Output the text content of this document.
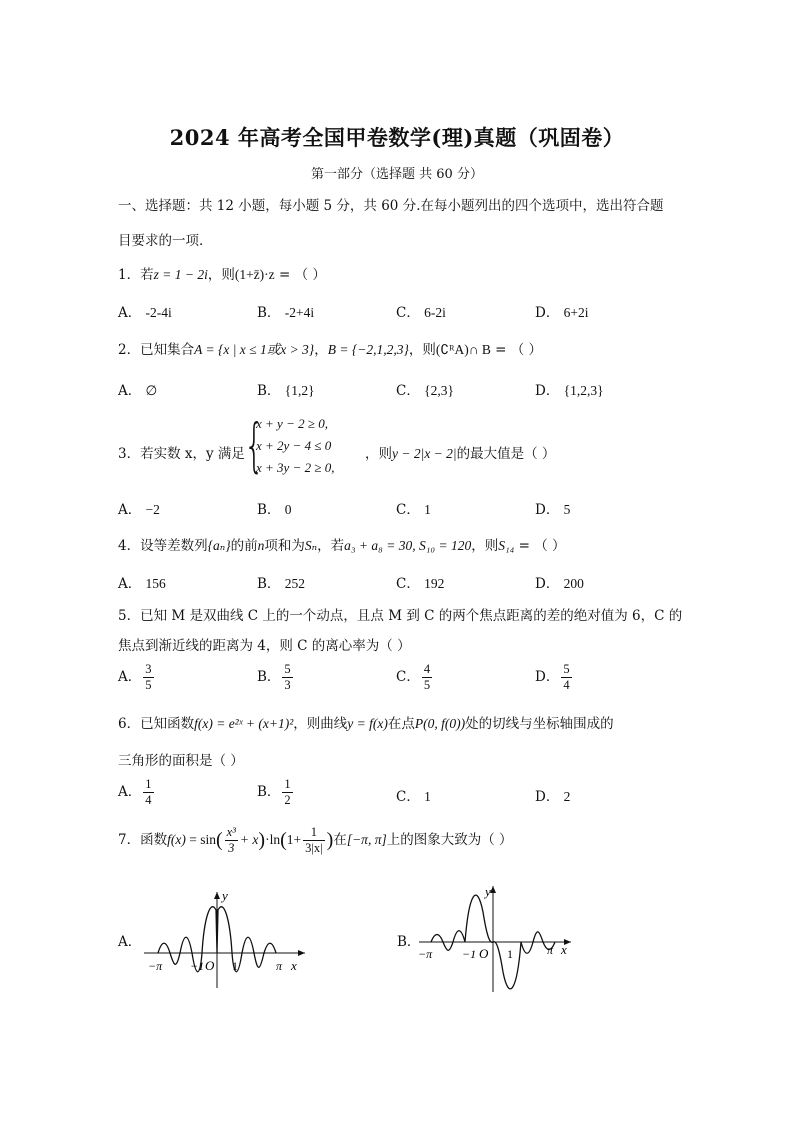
2024 年高考全国甲卷数学(理)真题（巩固卷）
第一部分（选择题 共 60 分）
一、选择题：共 12 小题，每小题 5 分，共 60 分.在每小题列出的四个选项中，选出符合题
目要求的一项．
1．若z = 1 − 2i，则(1+z̄)·z = （ ）
A． -2-4i	B． -2+4i	C． 6-2i	D． 6+2i
2．已知集合A = {x | x ≤ 1或x > 3}，B = {−2,1,2,3}，则(∁ᴿA)∩ B = （ ）
A． ∅	B． {1,2}	C． {2,3}	D． {1,2,3}
3．若实数 x，y 满足 {
x + y − 2 ≥ 0,
x + 2y − 4 ≤ 0
x + 3y − 2 ≥ 0,
，则y − 2|x − 2|的最大值是（ ）
A． −2	B． 0	C． 1	D． 5
4．设等差数列{aₙ}的前n项和为Sₙ，若a₃ + a₈ = 30, S₁₀ = 120，则S₁₄ = （ ）
A． 156	B． 252	C． 192	D． 200
5．已知 M 是双曲线 C 上的一个动点，且点 M 到 C 的两个焦点距离的差的绝对值为 6，C 的
焦点到渐近线的距离为 4，则 C 的离心率为（ ）
A． $\frac{3}{5}$	B． $\frac{5}{3}$	C． $\frac{4}{5}$	D． $\frac{5}{4}$
6．已知函数f(x) = e²ˣ + (x+1)²，则曲线y = f(x)在点P(0, f(0))处的切线与坐标轴围成的
三角形的面积是（ ）
A． $\frac{1}{4}$	B． $\frac{1}{2}$	C． 1	D． 2
7．函数$f(x) = \sin( \frac{\text{x³}}{3} + x)\cdot\ln(1+ \frac{1}{3|x|}$ )在[−π, π]上的图象大致为（ ）
A．
−π −1 O 1	π x
y
B．
−π −1 O 1	π x
y
